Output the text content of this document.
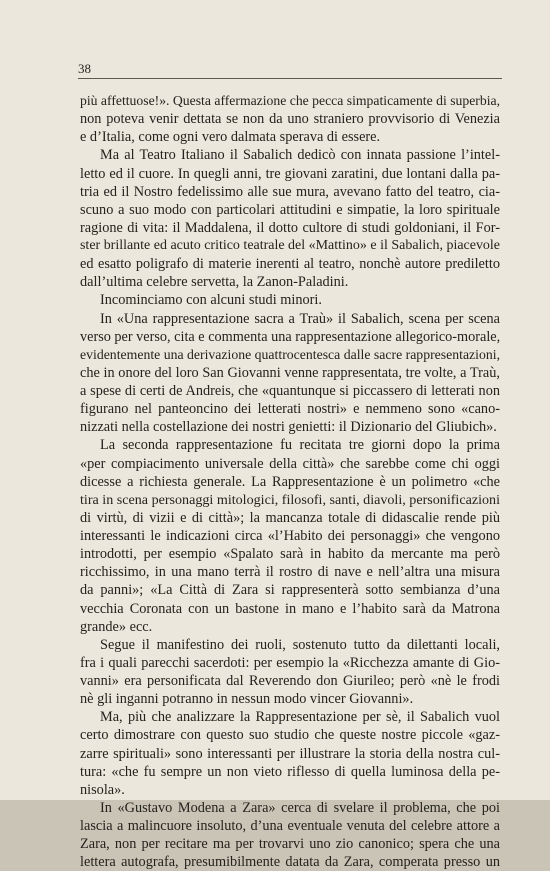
38
più affettuose!». Questa affermazione che pecca simpaticamente di superbia,
non poteva venir dettata se non da uno straniero provvisorio di Venezia
e d’Italia, come ogni vero dalmata sperava di essere.
Ma al Teatro Italiano il Sabalich dedicò con innata passione l’intel-
letto ed il cuore. In quegli anni, tre giovani zaratini, due lontani dalla pa-
tria ed il Nostro fedelissimo alle sue mura, avevano fatto del teatro, cia-
scuno a suo modo con particolari attitudini e simpatie, la loro spirituale
ragione di vita: il Maddalena, il dotto cultore di studi goldoniani, il For-
ster brillante ed acuto critico teatrale del «Mattino» e il Sabalich, piacevole
ed esatto poligrafo di materie inerenti al teatro, nonchè autore prediletto
dall’ultima celebre servetta, la Zanon-Paladini.
Incominciamo con alcuni studi minori.
In «Una rappresentazione sacra a Traù» il Sabalich, scena per scena
verso per verso, cita e commenta una rappresentazione allegorico-morale,
evidentemente una derivazione quattrocentesca dalle sacre rappresentazioni,
che in onore del loro San Giovanni venne rappresentata, tre volte, a Traù,
a spese di certi de Andreis, che «quantunque si piccassero di letterati non
figurano nel panteoncino dei letterati nostri» e nemmeno sono «cano-
nizzati nella costellazione dei nostri genietti: il Dizionario del Gliubich».
La seconda rappresentazione fu recitata tre giorni dopo la prima
«per compiacimento universale della città» che sarebbe come chi oggi
dicesse a richiesta generale. La Rappresentazione è un polimetro «che
tira in scena personaggi mitologici, filosofi, santi, diavoli, personificazioni
di virtù, di vizii e di città»; la mancanza totale di didascalie rende più
interessanti le indicazioni circa «l’Habito dei personaggi» che vengono
introdotti, per esempio «Spalato sarà in habito da mercante ma però
ricchissimo, in una mano terrà il rostro di nave e nell’altra una misura
da panni»; «La Città di Zara si rappresenterà sotto sembianza d’una
vecchia Coronata con un bastone in mano e l’habito sarà da Matrona
grande» ecc.
Segue il manifestino dei ruoli, sostenuto tutto da dilettanti locali,
fra i quali parecchi sacerdoti: per esempio la «Ricchezza amante di Gio-
vanni» era personificata dal Reverendo don Giurileo; però «nè le frodi
nè gli inganni potranno in nessun modo vincer Giovanni».
Ma, più che analizzare la Rappresentazione per sè, il Sabalich vuol
certo dimostrare con questo suo studio che queste nostre piccole «gaz-
zarre spirituali» sono interessanti per illustrare la storia della nostra cul-
tura: «che fu sempre un non vieto riflesso di quella luminosa della pe-
nisola».
In «Gustavo Modena a Zara» cerca di svelare il problema, che poi
lascia a malincuore insoluto, d’una eventuale venuta del celebre attore a
Zara, non per recitare ma per trovarvi uno zio canonico; spera che una
lettera autografa, presumibilmente datata da Zara, comperata presso un
